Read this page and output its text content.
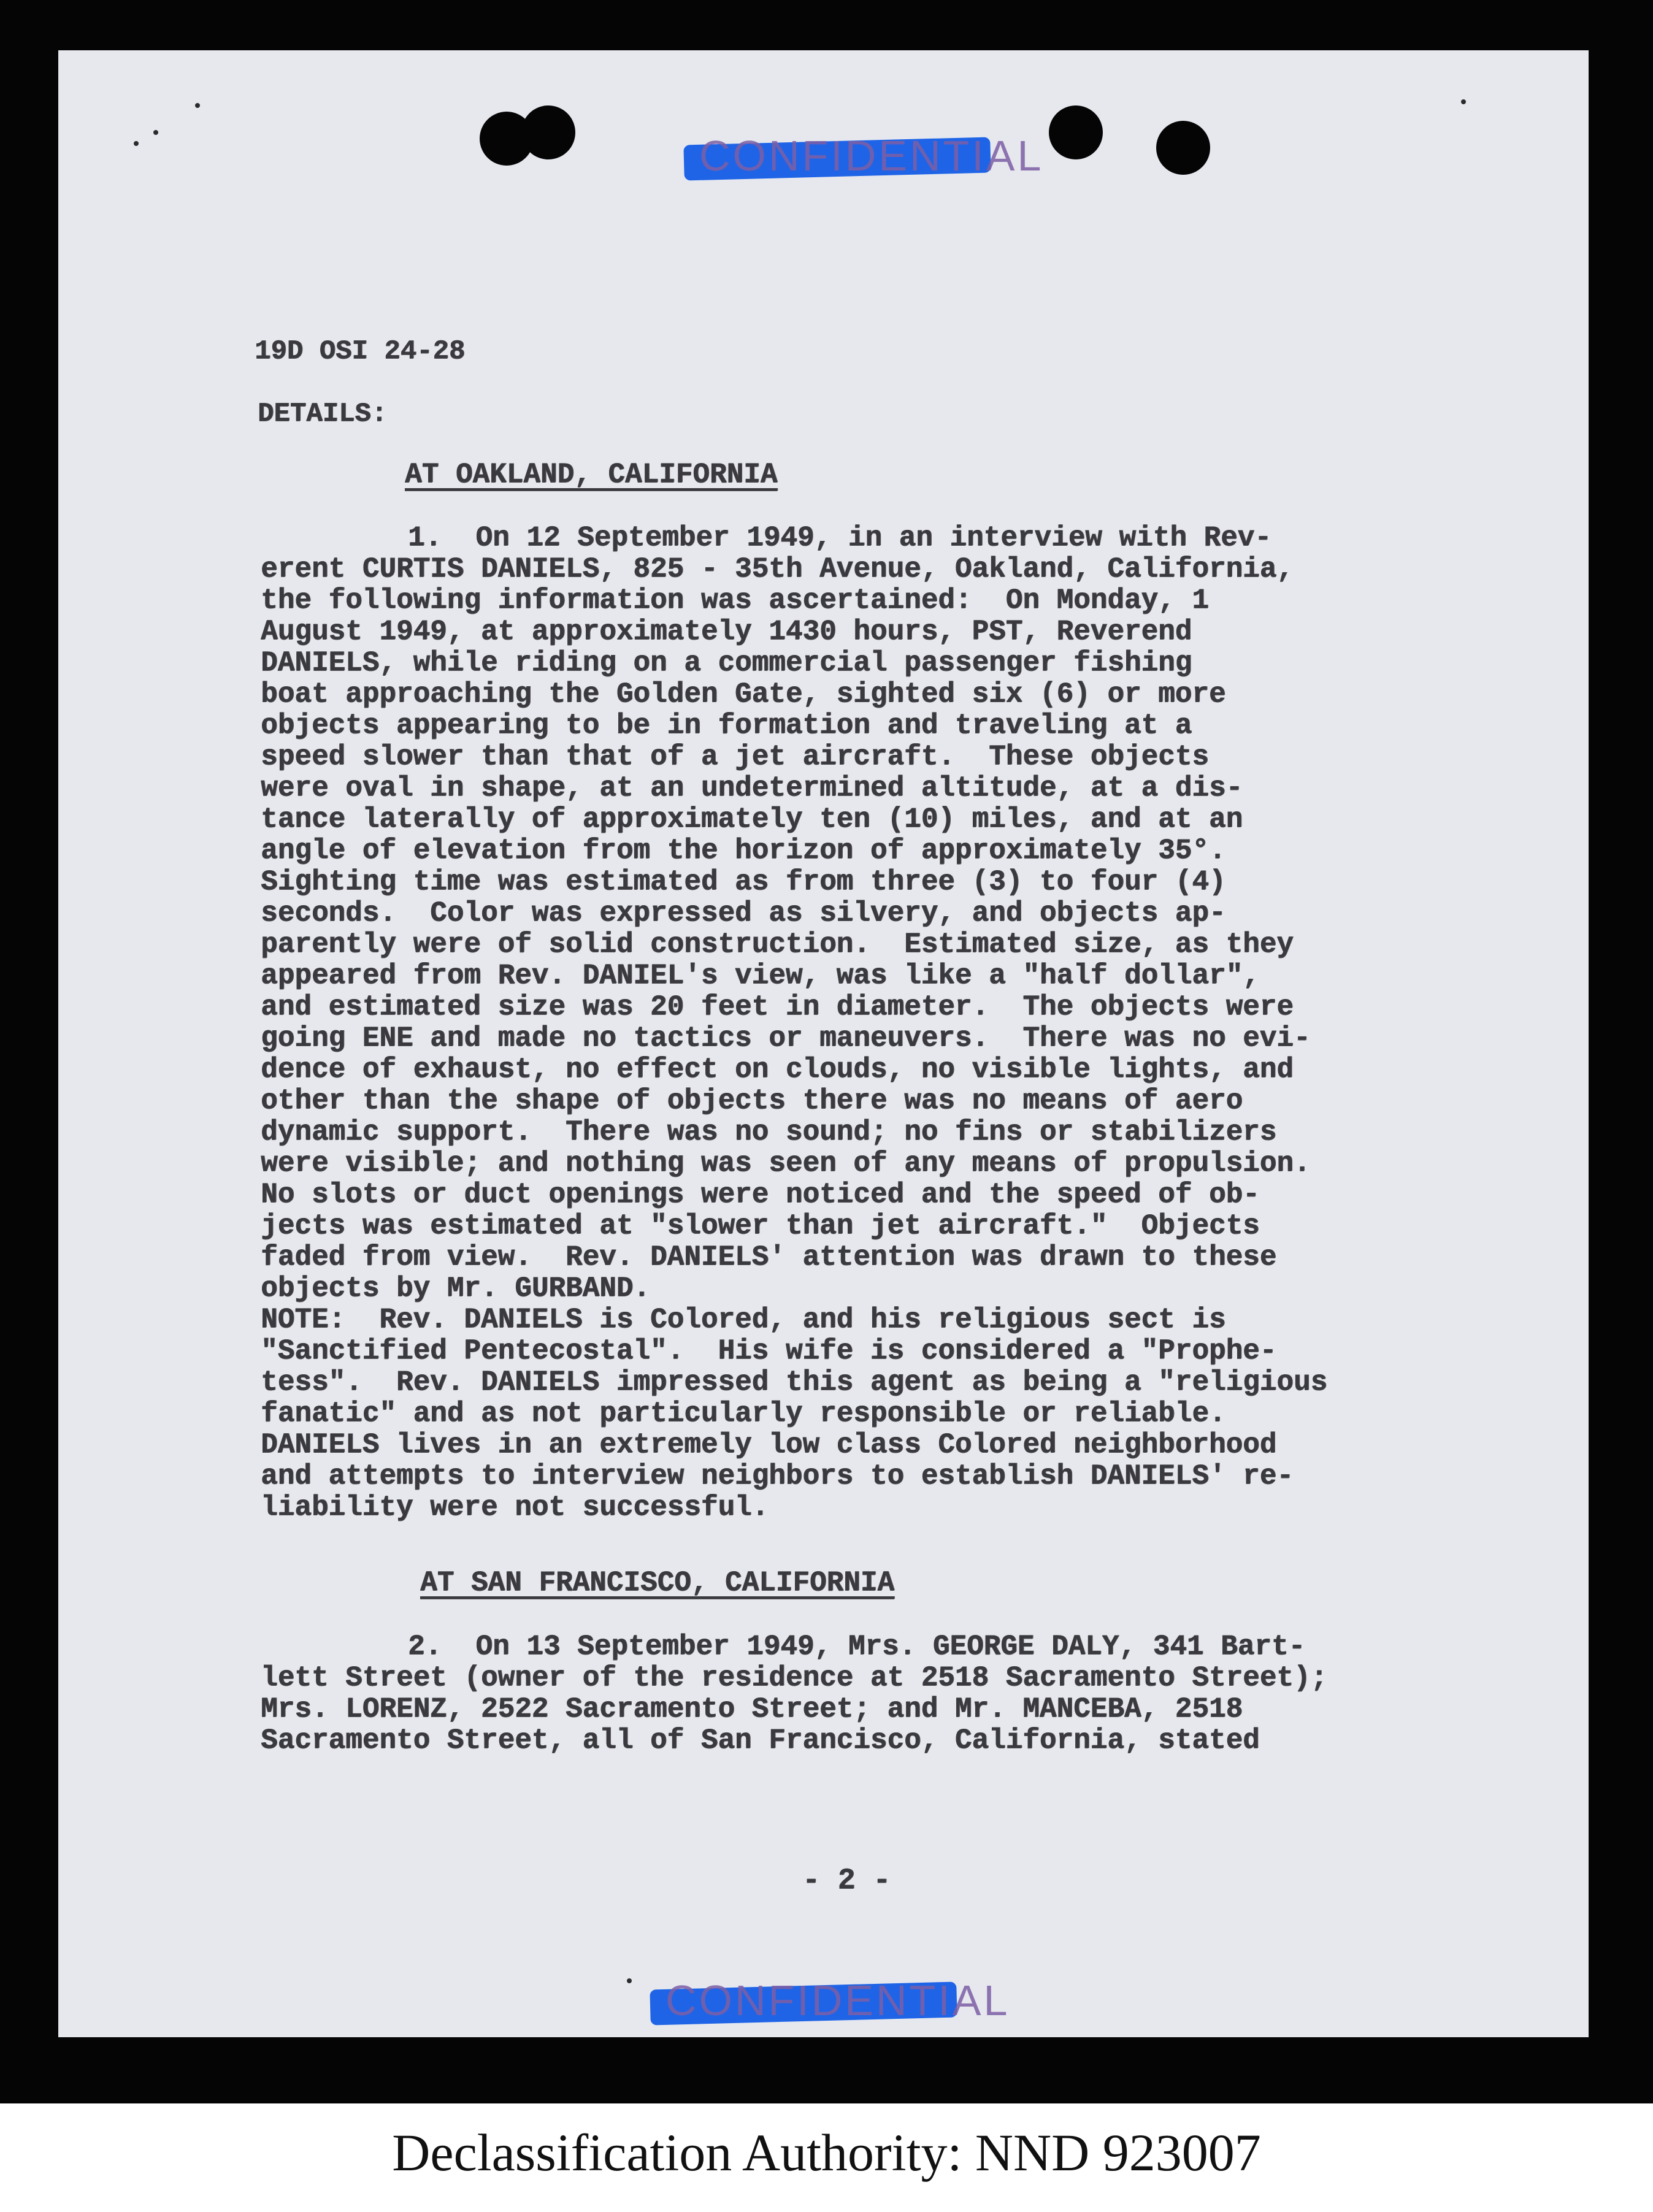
CONFIDENTIAL
19D OSI 24-28
DETAILS:
AT OAKLAND, CALIFORNIA
1.  On 12 September 1949, in an interview with Rev-
erent CURTIS DANIELS, 825 - 35th Avenue, Oakland, California,
the following information was ascertained:  On Monday, 1
August 1949, at approximately 1430 hours, PST, Reverend
DANIELS, while riding on a commercial passenger fishing
boat approaching the Golden Gate, sighted six (6) or more
objects appearing to be in formation and traveling at a
speed slower than that of a jet aircraft.  These objects
were oval in shape, at an undetermined altitude, at a dis-
tance laterally of approximately ten (10) miles, and at an
angle of elevation from the horizon of approximately 35°.
Sighting time was estimated as from three (3) to four (4)
seconds.  Color was expressed as silvery, and objects ap-
parently were of solid construction.  Estimated size, as they
appeared from Rev. DANIEL's view, was like a "half dollar",
and estimated size was 20 feet in diameter.  The objects were
going ENE and made no tactics or maneuvers.  There was no evi-
dence of exhaust, no effect on clouds, no visible lights, and
other than the shape of objects there was no means of aero
dynamic support.  There was no sound; no fins or stabilizers
were visible; and nothing was seen of any means of propulsion.
No slots or duct openings were noticed and the speed of ob-
jects was estimated at "slower than jet aircraft."  Objects
faded from view.  Rev. DANIELS' attention was drawn to these
objects by Mr. GURBAND.
NOTE:  Rev. DANIELS is Colored, and his religious sect is
"Sanctified Pentecostal".  His wife is considered a "Prophe-
tess".  Rev. DANIELS impressed this agent as being a "religious
fanatic" and as not particularly responsible or reliable.
DANIELS lives in an extremely low class Colored neighborhood
and attempts to interview neighbors to establish DANIELS' re-
liability were not successful.
AT SAN FRANCISCO, CALIFORNIA
2.  On 13 September 1949, Mrs. GEORGE DALY, 341 Bart-
lett Street (owner of the residence at 2518 Sacramento Street);
Mrs. LORENZ, 2522 Sacramento Street; and Mr. MANCEBA, 2518
Sacramento Street, all of San Francisco, California, stated
- 2 -
CONFIDENTIAL
Declassification Authority: NND 923007
